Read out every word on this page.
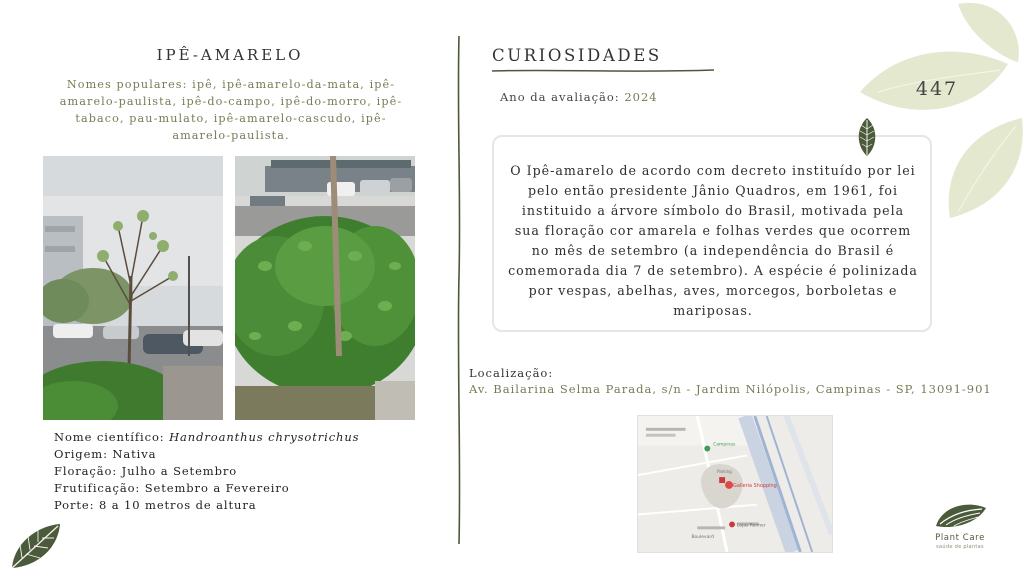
447
IPÊ-AMARELO
Nomes populares: ipê, ipê-amarelo-da-mata, ipê-amarelo-paulista, ipê-do-campo, ipê-do-morro, ipê-tabaco, pau-mulato, ipê-amarelo-cascudo, ipê-amarelo-paulista.
Nome científico: Handroanthus chrysotrichus
Origem: Nativa
Floração: Julho a Setembro
Frutificação: Setembro a Fevereiro
Porte: 8 a 10 metros de altura
CURIOSIDADES
Ano da avaliação: 2024
O Ipê-amarelo de acordo com decreto instituído por lei pelo então presidente Jânio Quadros, em 1961, foi instituido a árvore símbolo do Brasil, motivada pela sua floração cor amarela e folhas verdes que ocorrem no mês de setembro (a independência do Brasil é comemorada dia 7 de setembro). A espécie é polinizada por vespas, abelhas, aves, morcegos, borboletas e mariposas.
Localização:
Av. Bailarina Selma Parada, s/n - Jardim Nilópolis, Campinas - SP, 13091-901
Galleria Shopping
Campinas
Parking
Lojas Renner
Boulevard	Plant Care
saúde de plantas
